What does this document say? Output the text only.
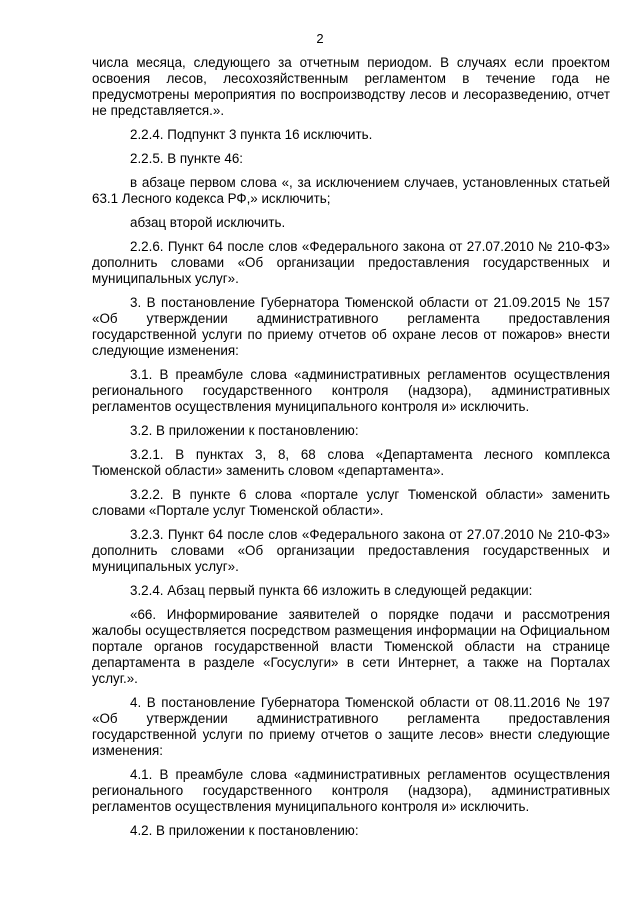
2

числа месяца, следующего за отчетным периодом. В случаях если проектом освоения лесов, лесохозяйственным регламентом в течение года не предусмотрены мероприятия по воспроизводству лесов и лесоразведению, отчет не представляется.».

2.2.4. Подпункт 3 пункта 16 исключить.

2.2.5. В пункте 46:

в абзаце первом слова «, за исключением случаев, установленных статьей 63.1 Лесного кодекса РФ,» исключить;

абзац второй исключить.

2.2.6. Пункт 64 после слов «Федерального закона от 27.07.2010 № 210-ФЗ» дополнить словами «Об организации предоставления государственных и муниципальных услуг».

3. В постановление Губернатора Тюменской области от 21.09.2015 № 157 «Об утверждении административного регламента предоставления государственной услуги по приему отчетов об охране лесов от пожаров» внести следующие изменения:

3.1. В преамбуле слова «административных регламентов осуществления регионального государственного контроля (надзора), административных регламентов осуществления муниципального контроля и» исключить.

3.2. В приложении к постановлению:

3.2.1. В пунктах 3, 8, 68 слова «Департамента лесного комплекса Тюменской области» заменить словом «департамента».

3.2.2. В пункте 6 слова «портале услуг Тюменской области» заменить словами «Портале услуг Тюменской области».

3.2.3. Пункт 64 после слов «Федерального закона от 27.07.2010 № 210-ФЗ» дополнить словами «Об организации предоставления государственных и муниципальных услуг».

3.2.4. Абзац первый пункта 66 изложить в следующей редакции:

«66. Информирование заявителей о порядке подачи и рассмотрения жалобы осуществляется посредством размещения информации на Официальном портале органов государственной власти Тюменской области на странице департамента в разделе «Госуслуги» в сети Интернет, а также на Порталах услуг.».

4. В постановление Губернатора Тюменской области от 08.11.2016 № 197 «Об утверждении административного регламента предоставления государственной услуги по приему отчетов о защите лесов» внести следующие изменения:

4.1. В преамбуле слова «административных регламентов осуществления регионального государственного контроля (надзора), административных регламентов осуществления муниципального контроля и» исключить.

4.2. В приложении к постановлению:
